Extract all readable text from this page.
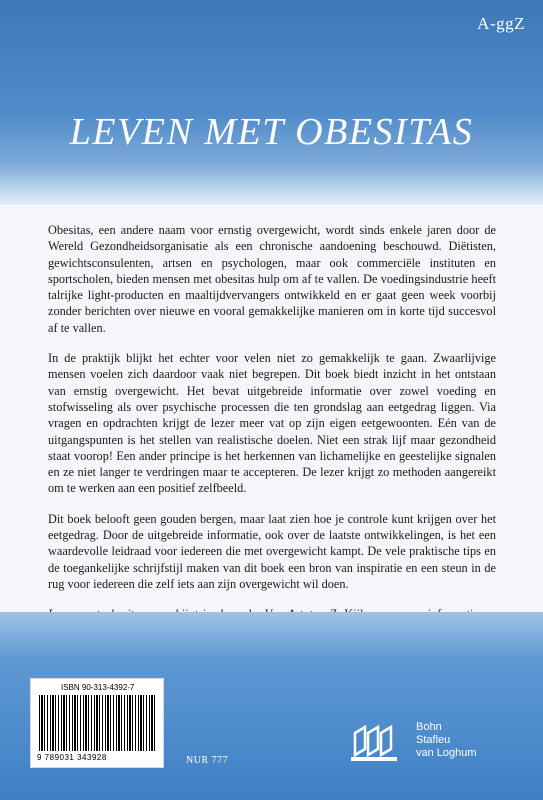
A-ggZ
LEVEN MET OBESITAS

Obesitas, een andere naam voor ernstig overgewicht, wordt sinds enkele jaren door de Wereld Gezondheidsorganisatie als een chronische aandoening beschouwd. Diëtisten, gewichtsconsulenten, artsen en psychologen, maar ook commerciële instituten en sportscholen, bieden mensen met obesitas hulp om af te vallen. De voedingsindustrie heeft talrijke light-producten en maaltijdvervangers ontwikkeld en er gaat geen week voorbij zonder berichten over nieuwe en vooral gemakkelijke manieren om in korte tijd succesvol af te vallen.

In de praktijk blijkt het echter voor velen niet zo gemakkelijk te gaan. Zwaarlijvige mensen voelen zich daardoor vaak niet begrepen. Dit boek biedt inzicht in het ontstaan van ernstig overgewicht. Het bevat uitgebreide informatie over zowel voeding en stofwisseling als over psychische processen die ten grondslag aan eetgedrag liggen. Via vragen en opdrachten krijgt de lezer meer vat op zijn eigen eetgewoonten. Eén van de uitgangspunten is het stellen van realistische doelen. Niet een strak lijf maar gezondheid staat voorop! Een ander principe is het herkennen van lichamelijke en geestelijke signalen en ze niet langer te verdringen maar te accepteren. De lezer krijgt zo methoden aangereikt om te werken aan een positief zelfbeeld.

Dit boek belooft geen gouden bergen, maar laat zien hoe je controle kunt krijgen over het eetgedrag. Door de uitgebreide informatie, ook over de laatste ontwikkelingen, is het een waardevolle leidraad voor iedereen die met overgewicht kampt. De vele praktische tips en de toegankelijke schrijfstijl maken van dit boek een bron van inspiratie en een steun in de rug voor iedereen die zelf iets aan zijn overgewicht wil doen.

ISBN 90-313-4392-7
9 789031 343928	NUR 777
Bohn
Stafleu
van Loghum
